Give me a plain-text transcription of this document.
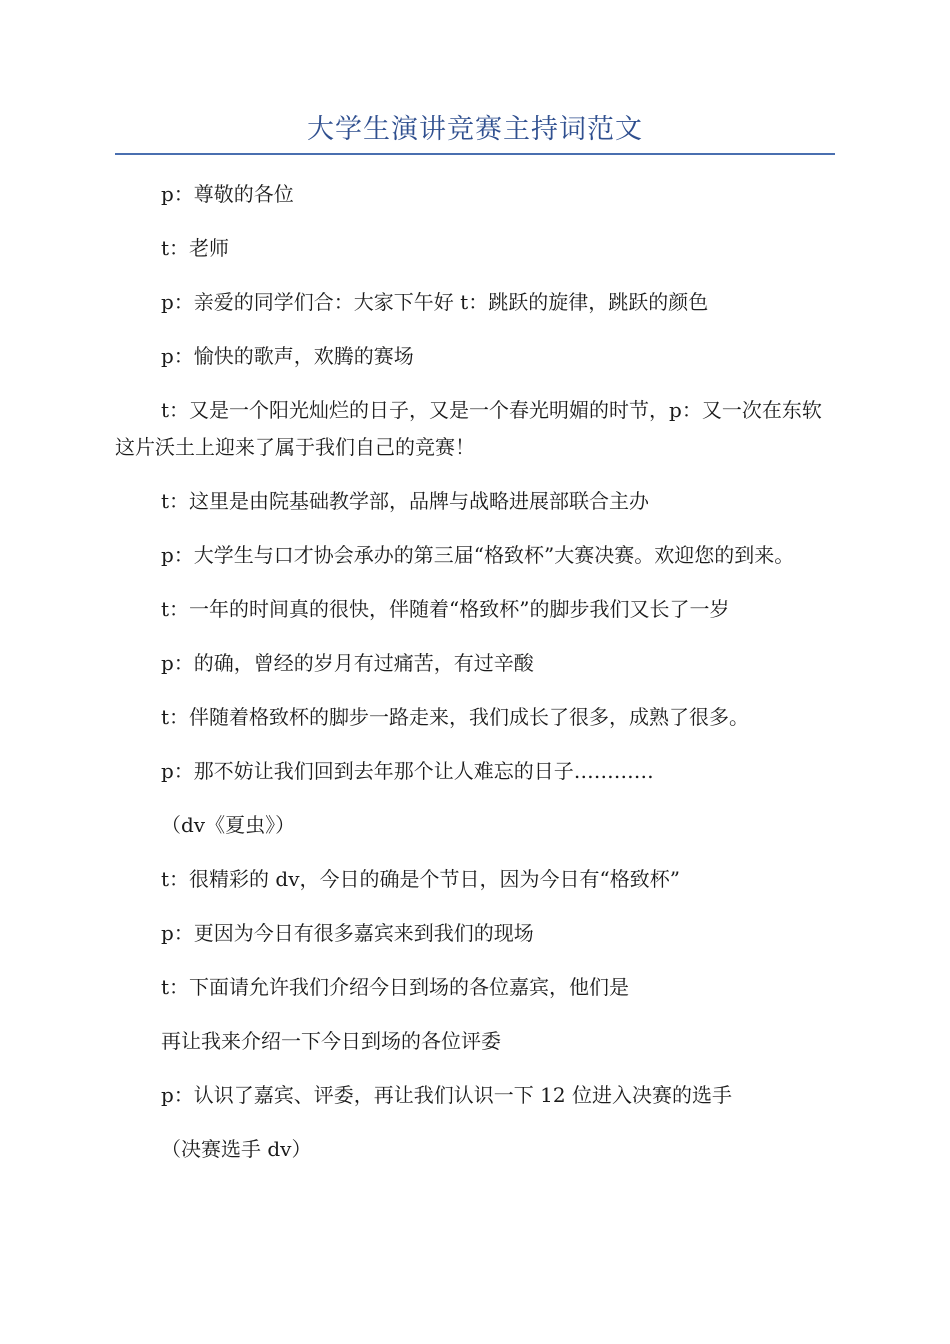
大学生演讲竞赛主持词范文

p：尊敬的各位

t：老师

p：亲爱的同学们合：大家下午好 t：跳跃的旋律，跳跃的颜色

p：愉快的歌声，欢腾的赛场

t：又是一个阳光灿烂的日子，又是一个春光明媚的时节，p：又一次在东软这片沃土上迎来了属于我们自己的竞赛！

t：这里是由院基础教学部，品牌与战略进展部联合主办

p：大学生与口才协会承办的第三届“格致杯”大赛决赛。欢迎您的到来。

t：一年的时间真的很快，伴随着“格致杯”的脚步我们又长了一岁

p：的确，曾经的岁月有过痛苦，有过辛酸

t：伴随着格致杯的脚步一路走来，我们成长了很多，成熟了很多。

p：那不妨让我们回到去年那个让人难忘的日子…………

（dv《夏虫》）

t：很精彩的 dv，今日的确是个节日，因为今日有“格致杯”

p：更因为今日有很多嘉宾来到我们的现场

t：下面请允许我们介绍今日到场的各位嘉宾，他们是

再让我来介绍一下今日到场的各位评委

p：认识了嘉宾、评委，再让我们认识一下 12 位进入决赛的选手

（决赛选手 dv）
